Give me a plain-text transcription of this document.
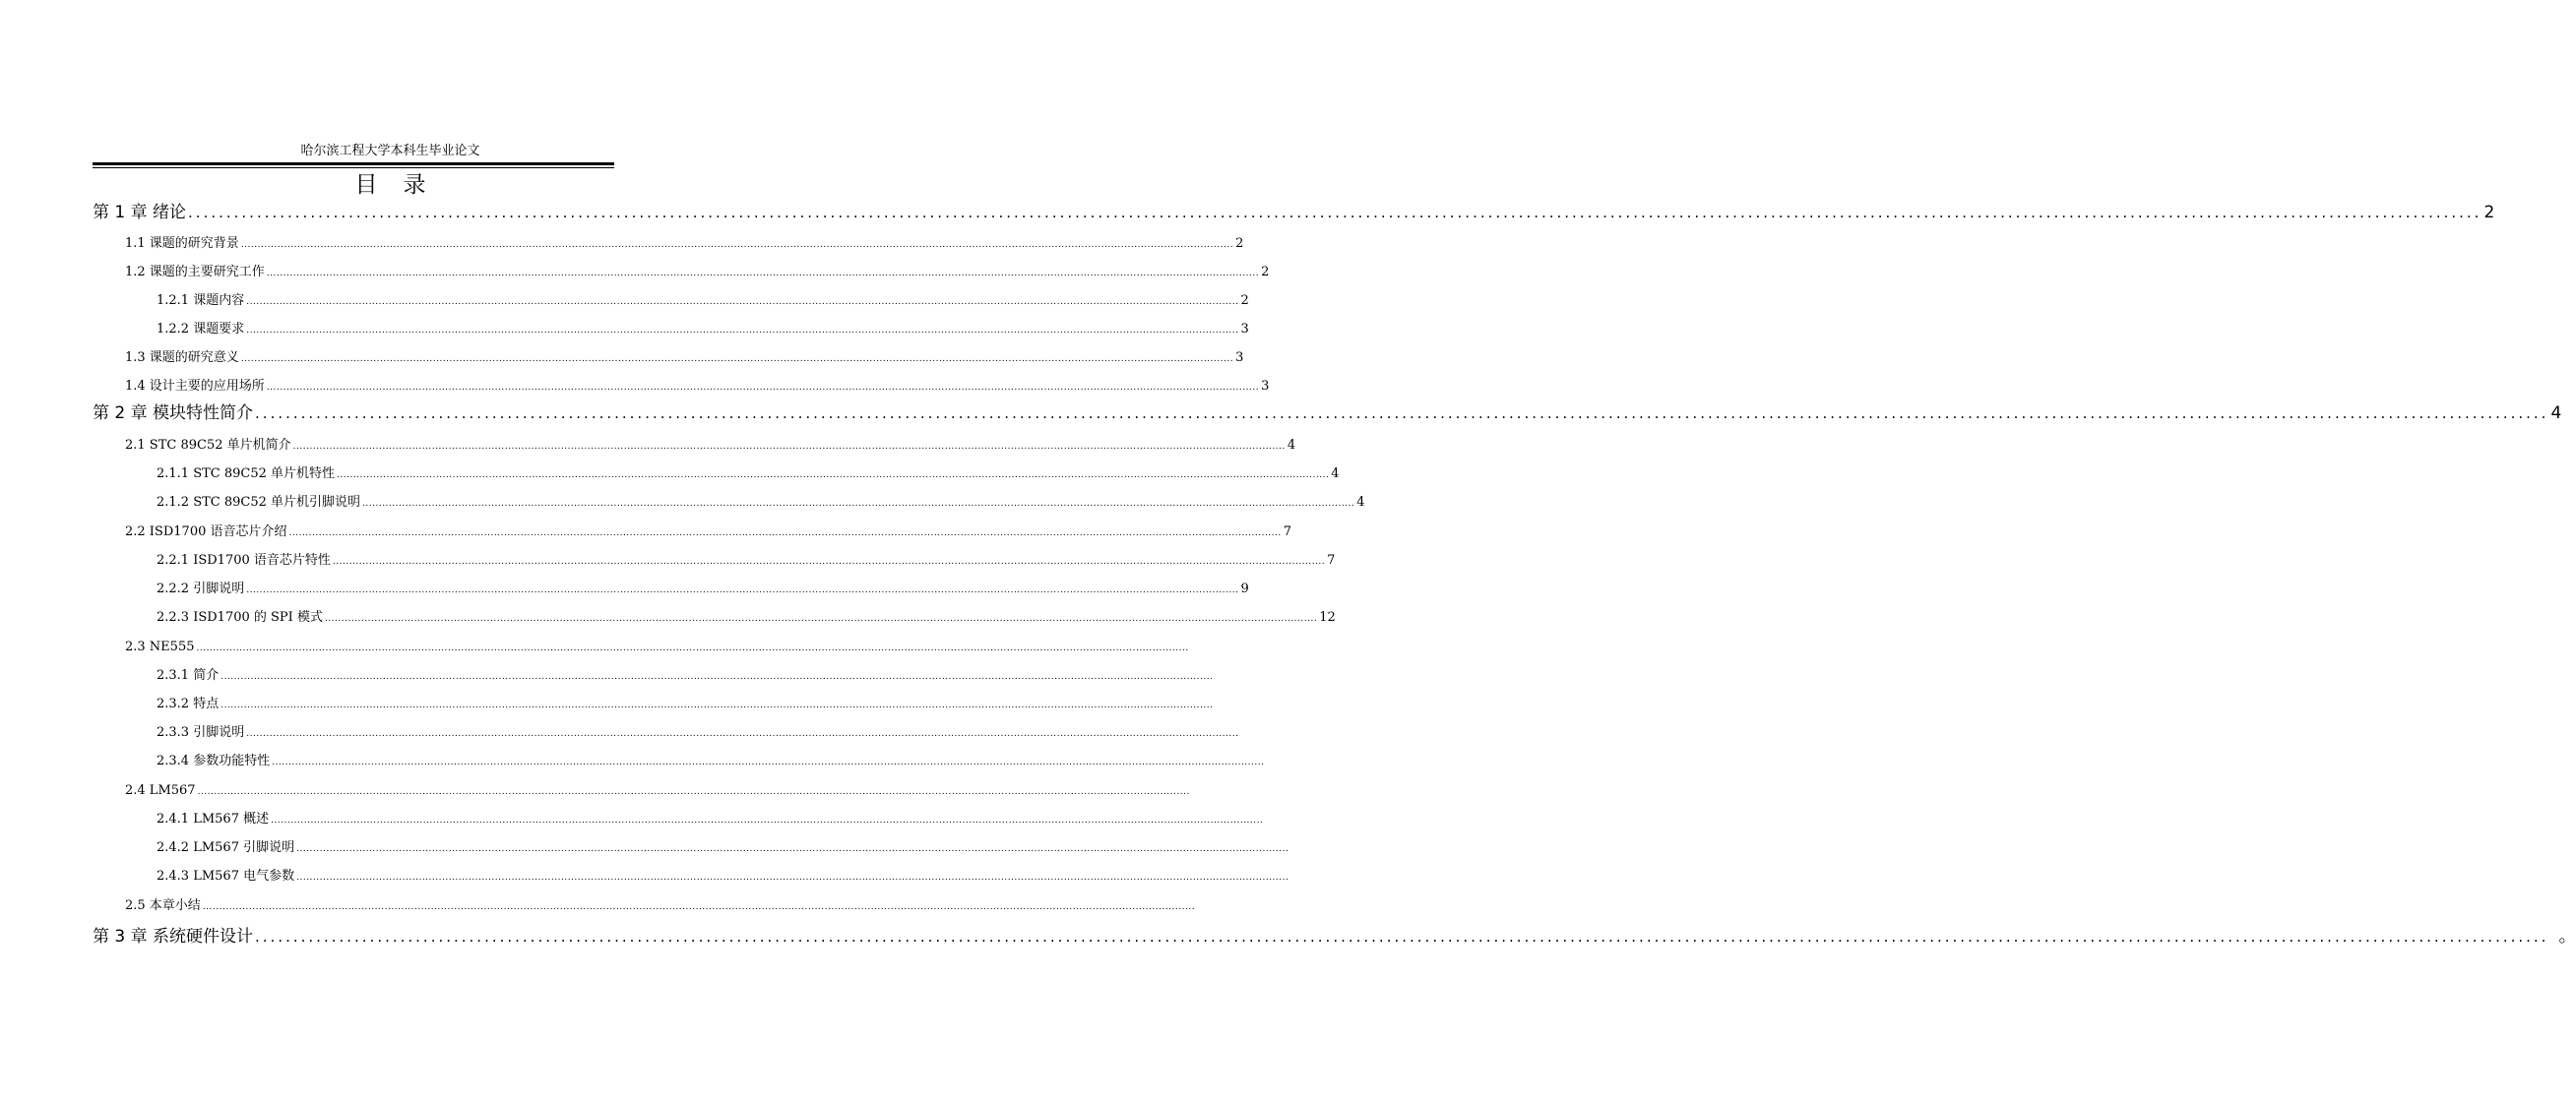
哈尔滨工程大学本科生毕业论文
目录
第 1 章 绪论 ............................................................................................................................................................................................................................................................................................................ 2
1.1 课题的研究背景 ............................................................................................................................................................................................................................................................................................................ 2
1.2 课题的主要研究工作 ............................................................................................................................................................................................................................................................................................................ 2
1.2.1 课题内容 ............................................................................................................................................................................................................................................................................................................ 2
1.2.2 课题要求 ............................................................................................................................................................................................................................................................................................................ 3
1.3 课题的研究意义 ............................................................................................................................................................................................................................................................................................................ 3
1.4 设计主要的应用场所 ............................................................................................................................................................................................................................................................................................................ 3
第 2 章 模块特性简介 ............................................................................................................................................................................................................................................................................................................ 4
2.1 STC 89C52 单片机简介 ............................................................................................................................................................................................................................................................................................................ 4
2.1.1 STC 89C52 单片机特性 ............................................................................................................................................................................................................................................................................................................ 4
2.1.2 STC 89C52 单片机引脚说明 ............................................................................................................................................................................................................................................................................................................ 4
2.2 ISD1700 语音芯片介绍 ............................................................................................................................................................................................................................................................................................................ 7
2.2.1 ISD1700 语音芯片特性 ............................................................................................................................................................................................................................................................................................................ 7
2.2.2 引脚说明 ............................................................................................................................................................................................................................................................................................................ 9
2.2.3 ISD1700 的 SPI 模式 ............................................................................................................................................................................................................................................................................................................ 12
2.3 NE555 ............................................................................................................................................................................................................................................................................................................
2.3.1 简介 ............................................................................................................................................................................................................................................................................................................
2.3.2 特点 ............................................................................................................................................................................................................................................................................................................
2.3.3 引脚说明 ............................................................................................................................................................................................................................................................................................................
2.3.4 参数功能特性 ............................................................................................................................................................................................................................................................................................................
2.4 LM567 ............................................................................................................................................................................................................................................................................................................
2.4.1 LM567 概述 ............................................................................................................................................................................................................................................................................................................
2.4.2 LM567 引脚说明 ............................................................................................................................................................................................................................................................................................................
2.4.3 LM567 电气参数 ............................................................................................................................................................................................................................................................................................................
2.5 本章小结 ............................................................................................................................................................................................................................................................................................................
第 3 章 系统硬件设计 ............................................................................................................................................................................................................................................................................................................ 。
